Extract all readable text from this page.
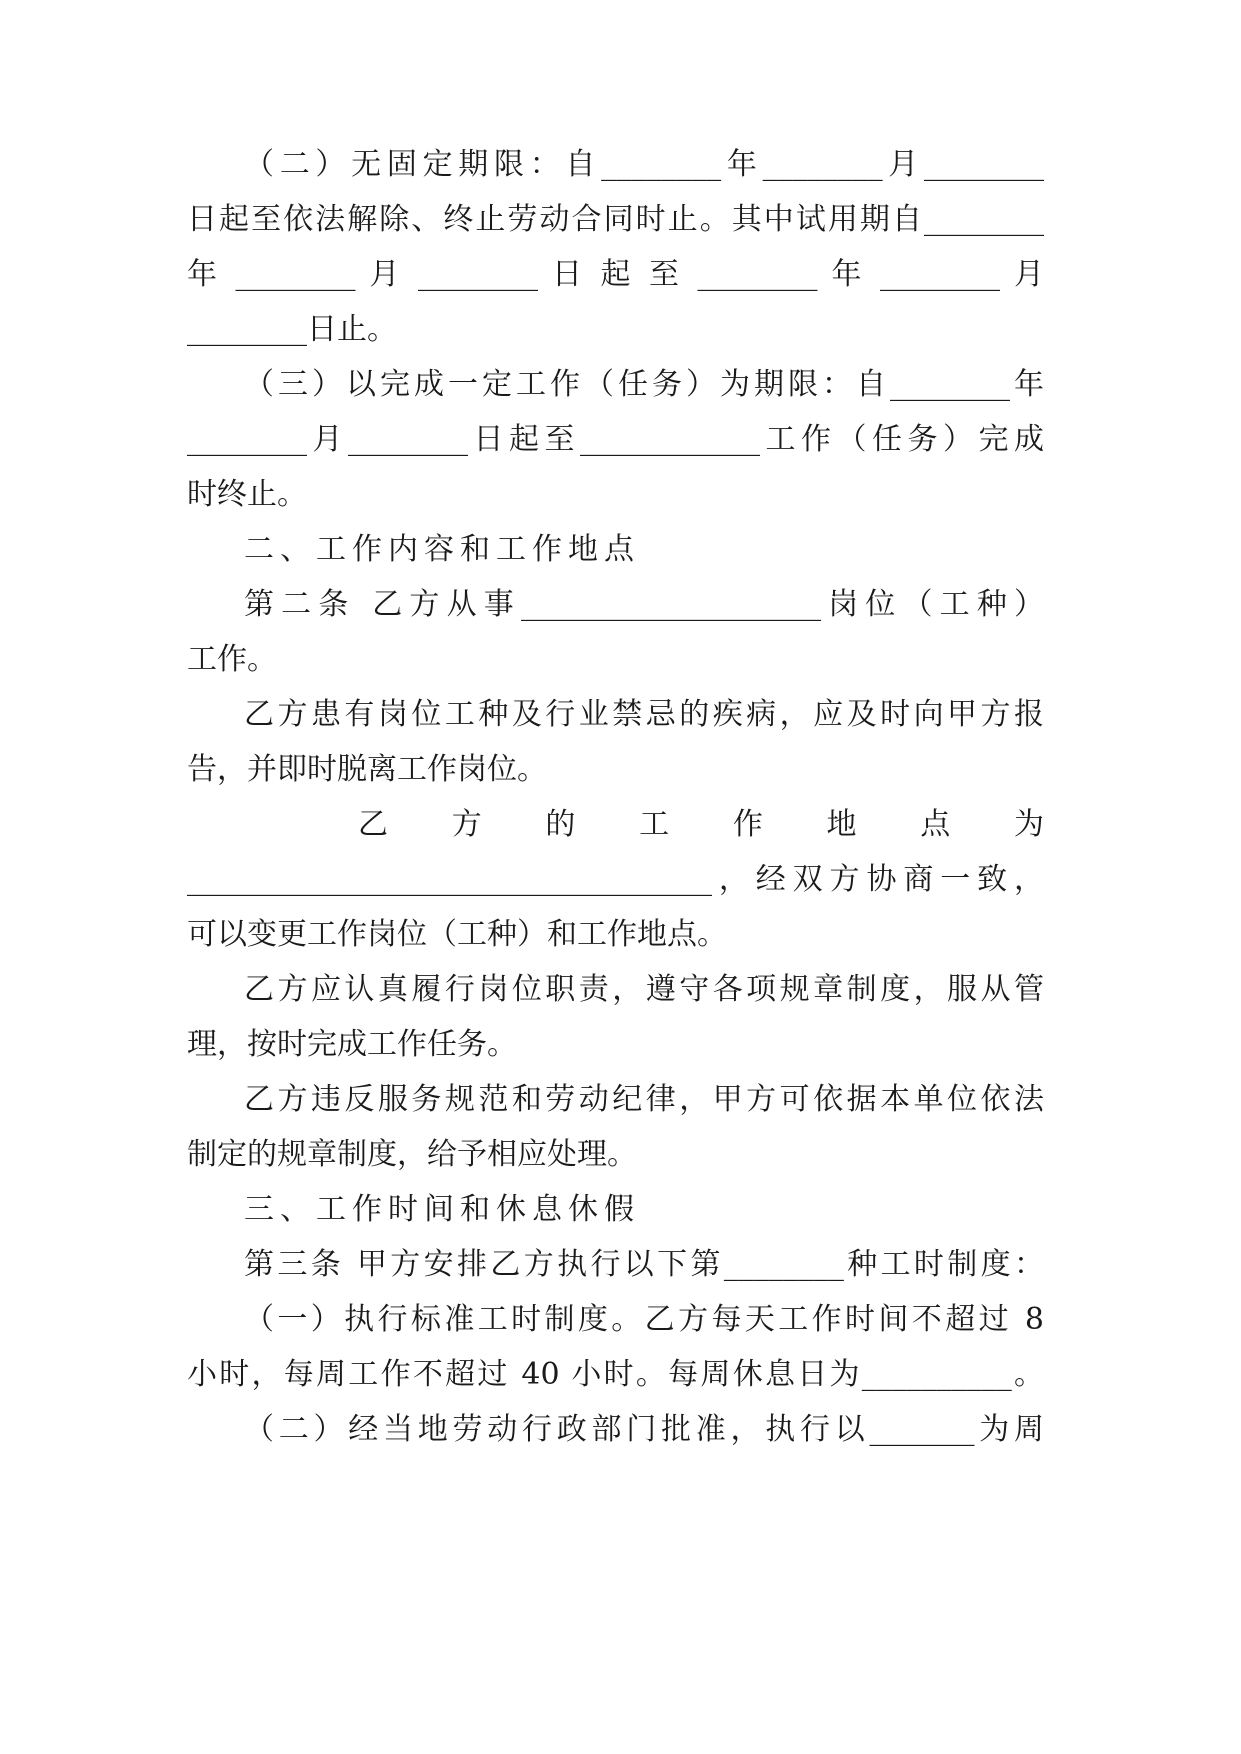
（二）无固定期限：自________年________月________

日起至依法解除、终止劳动合同时止。其中试用期自________

年 ________ 月 ________ 日 起 至 ________ 年 ________ 月

________日止。

（三）以完成一定工作（任务）为期限：自________年

________月________日起至____________工作（任务）完成

时终止。

二、工作内容和工作地点

第二条 乙方从事____________________岗位（工种）

工作。

乙方患有岗位工种及行业禁忌的疾病，应及时向甲方报

告，并即时脱离工作岗位。

乙 方 的 工 作 地 点 为

___________________________________，经双方协商一致，

可以变更工作岗位（工种）和工作地点。

乙方应认真履行岗位职责，遵守各项规章制度，服从管

理，按时完成工作任务。

乙方违反服务规范和劳动纪律，甲方可依据本单位依法

制定的规章制度，给予相应处理。

三、工作时间和休息休假

第三条 甲方安排乙方执行以下第________种工时制度：

（一）执行标准工时制度。乙方每天工作时间不超过 8

小时，每周工作不超过 40 小时。每周休息日为__________。

（二）经当地劳动行政部门批准，执行以_______为周
